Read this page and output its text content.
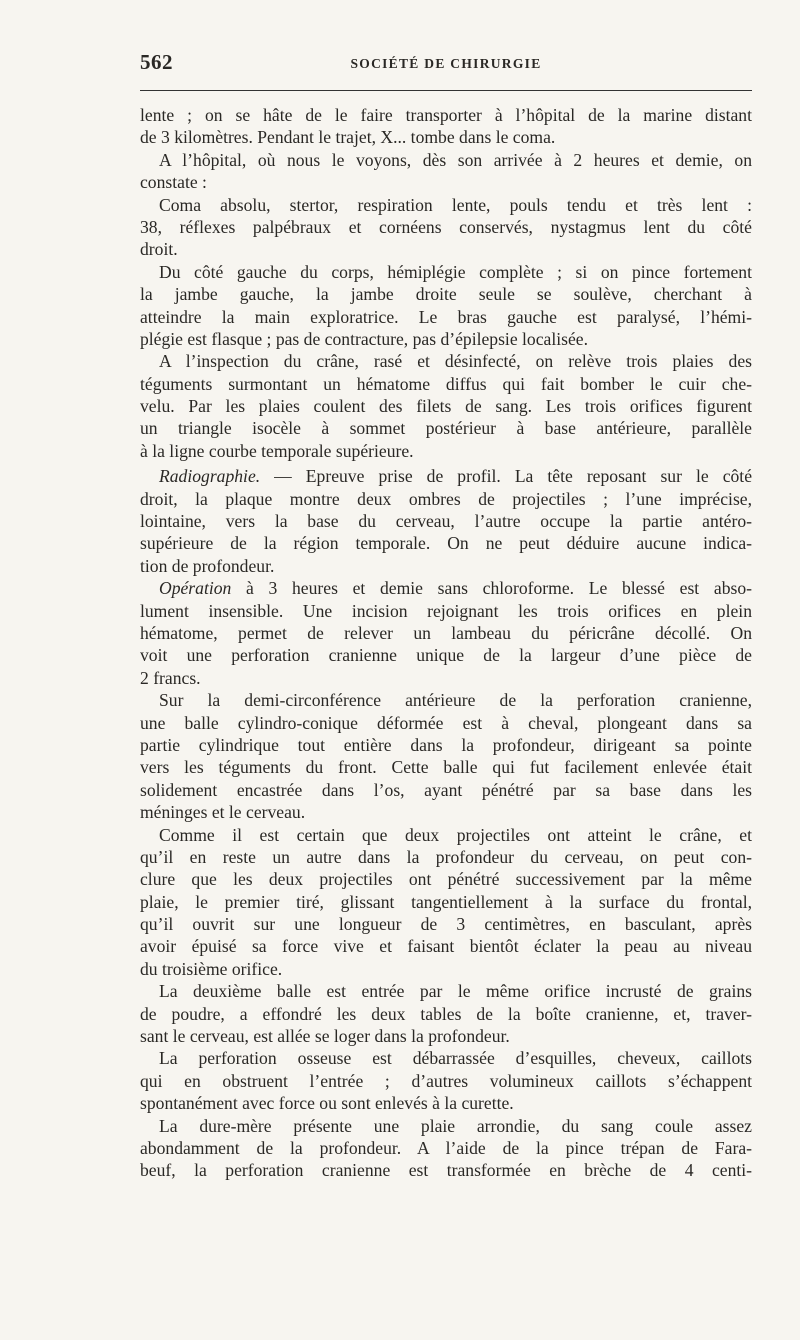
562	SOCIÉTÉ DE CHIRURGIE
lente ; on se hâte de le faire transporter à l’hôpital de la marine distant
de 3 kilomètres. Pendant le trajet, X... tombe dans le coma.
A l’hôpital, où nous le voyons, dès son arrivée à 2 heures et demie, on
constate :
Coma absolu, stertor, respiration lente, pouls tendu et très lent :
38, réflexes palpébraux et cornéens conservés, nystagmus lent du côté
droit.
Du côté gauche du corps, hémiplégie complète ; si on pince fortement
la jambe gauche, la jambe droite seule se soulève, cherchant à
atteindre la main exploratrice. Le bras gauche est paralysé, l’hémi-
plégie est flasque ; pas de contracture, pas d’épilepsie localisée.
A l’inspection du crâne, rasé et désinfecté, on relève trois plaies des
téguments surmontant un hématome diffus qui fait bomber le cuir che-
velu. Par les plaies coulent des filets de sang. Les trois orifices figurent
un triangle isocèle à sommet postérieur à base antérieure, parallèle
à la ligne courbe temporale supérieure.
Radiographie. — Epreuve prise de profil. La tête reposant sur le côté
droit, la plaque montre deux ombres de projectiles ; l’une imprécise,
lointaine, vers la base du cerveau, l’autre occupe la partie antéro-
supérieure de la région temporale. On ne peut déduire aucune indica-
tion de profondeur.
Opération à 3 heures et demie sans chloroforme. Le blessé est abso-
lument insensible. Une incision rejoignant les trois orifices en plein
hématome, permet de relever un lambeau du péricrâne décollé. On
voit une perforation cranienne unique de la largeur d’une pièce de
2 francs.
Sur la demi-circonférence antérieure de la perforation cranienne,
une balle cylindro-conique déformée est à cheval, plongeant dans sa
partie cylindrique tout entière dans la profondeur, dirigeant sa pointe
vers les téguments du front. Cette balle qui fut facilement enlevée était
solidement encastrée dans l’os, ayant pénétré par sa base dans les
méninges et le cerveau.
Comme il est certain que deux projectiles ont atteint le crâne, et
qu’il en reste un autre dans la profondeur du cerveau, on peut con-
clure que les deux projectiles ont pénétré successivement par la même
plaie, le premier tiré, glissant tangentiellement à la surface du frontal,
qu’il ouvrit sur une longueur de 3 centimètres, en basculant, après
avoir épuisé sa force vive et faisant bientôt éclater la peau au niveau
du troisième orifice.
La deuxième balle est entrée par le même orifice incrusté de grains
de poudre, a effondré les deux tables de la boîte cranienne, et, traver-
sant le cerveau, est allée se loger dans la profondeur.
La perforation osseuse est débarrassée d’esquilles, cheveux, caillots
qui en obstruent l’entrée ; d’autres volumineux caillots s’échappent
spontanément avec force ou sont enlevés à la curette.
La dure-mère présente une plaie arrondie, du sang coule assez
abondamment de la profondeur. A l’aide de la pince trépan de Fara-
beuf, la perforation cranienne est transformée en brèche de 4 centi-
